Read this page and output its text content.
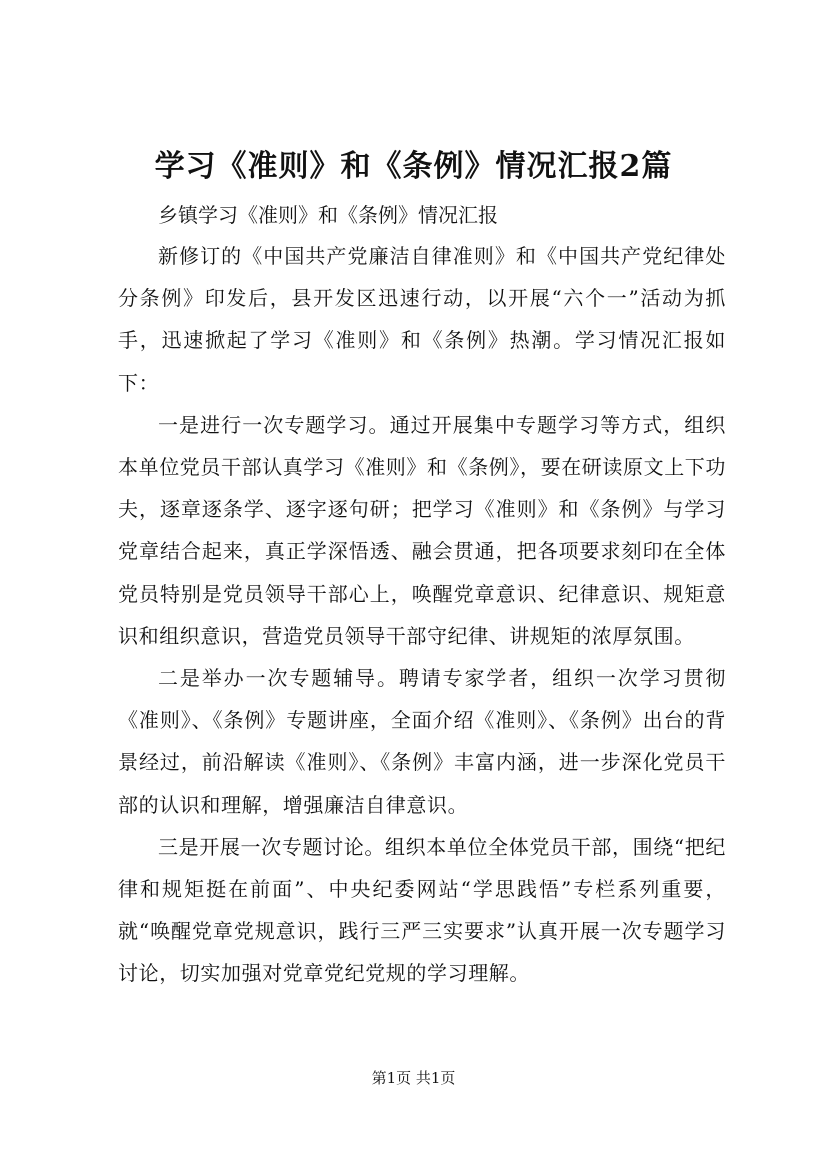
学习《准则》和《条例》情况汇报2篇

乡镇学习《准则》和《条例》情况汇报

新修订的《中国共产党廉洁自律准则》和《中国共产党纪律处分条例》印发后，县开发区迅速行动，以开展“六个一”活动为抓手，迅速掀起了学习《准则》和《条例》热潮。学习情况汇报如下：

一是进行一次专题学习。通过开展集中专题学习等方式，组织本单位党员干部认真学习《准则》和《条例》，要在研读原文上下功夫，逐章逐条学、逐字逐句研；把学习《准则》和《条例》与学习党章结合起来，真正学深悟透、融会贯通，把各项要求刻印在全体党员特别是党员领导干部心上，唤醒党章意识、纪律意识、规矩意识和组织意识，营造党员领导干部守纪律、讲规矩的浓厚氛围。

二是举办一次专题辅导。聘请专家学者，组织一次学习贯彻《准则》、《条例》专题讲座，全面介绍《准则》、《条例》出台的背景经过，前沿解读《准则》、《条例》丰富内涵，进一步深化党员干部的认识和理解，增强廉洁自律意识。

三是开展一次专题讨论。组织本单位全体党员干部，围绕“把纪律和规矩挺在前面”、中央纪委网站“学思践悟”专栏系列重要，就“唤醒党章党规意识，践行三严三实要求”认真开展一次专题学习讨论，切实加强对党章党纪党规的学习理解。

第1页 共1页
